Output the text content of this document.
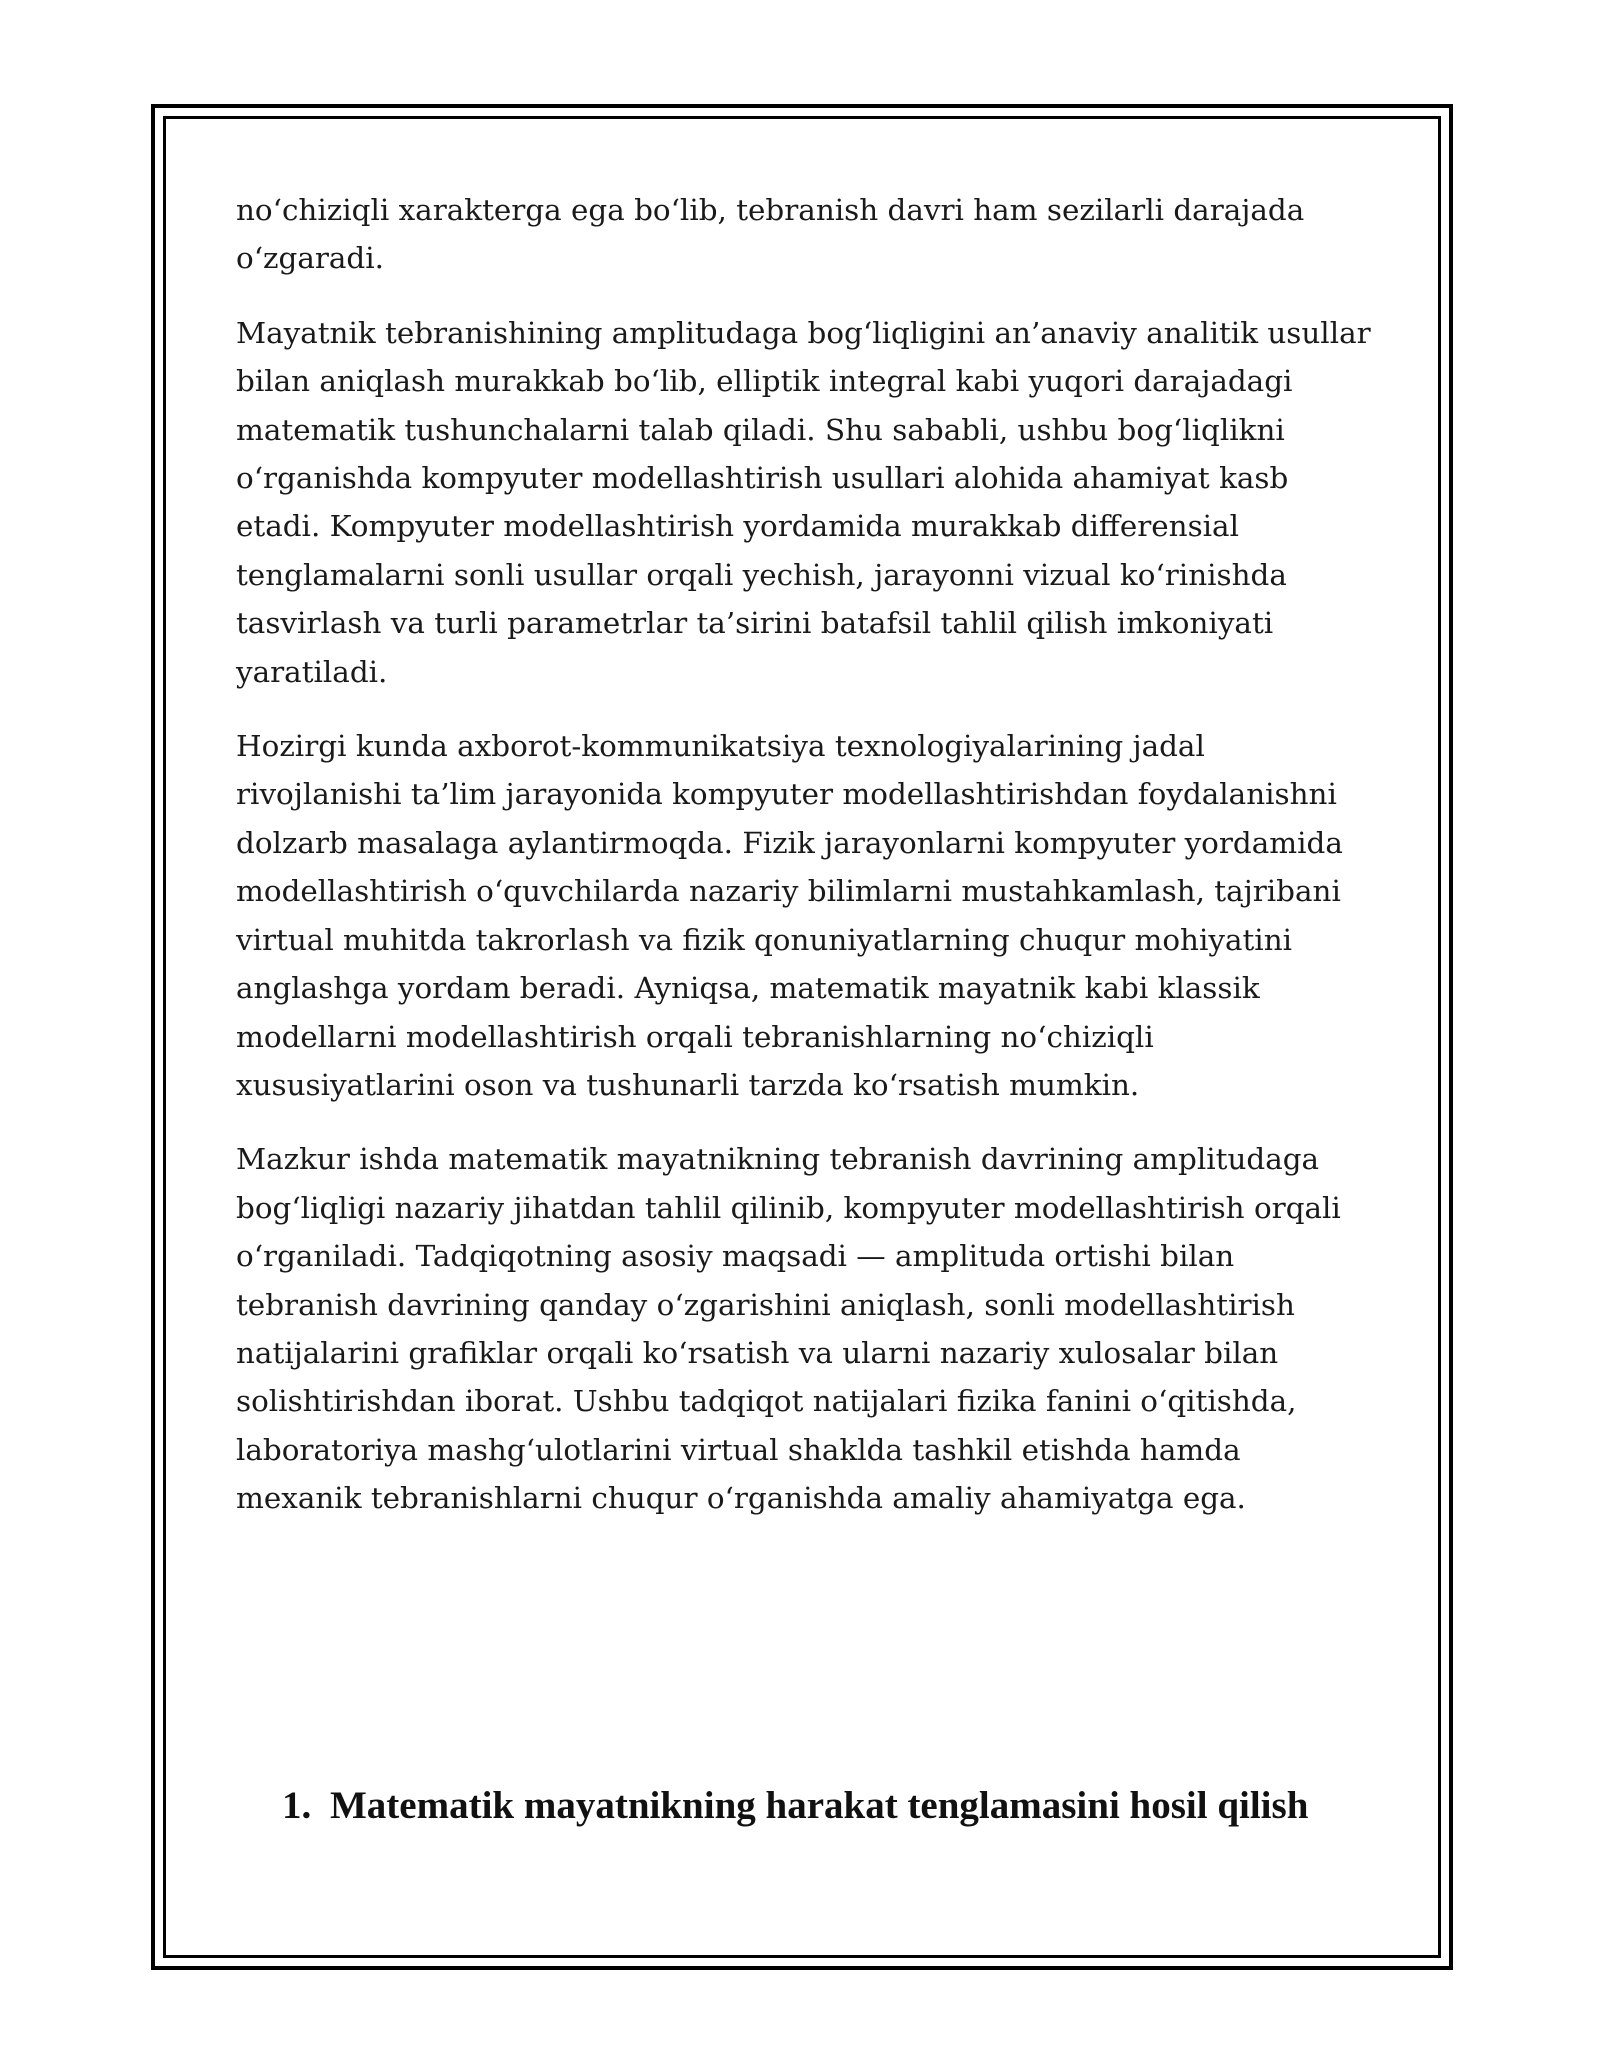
noʻchiziqli xarakterga ega boʻlib, tebranish davri ham sezilarli darajada oʻzgaradi.

Mayatnik tebranishining amplitudaga bogʻliqligini an’anaviy analitik usullar bilan aniqlash murakkab boʻlib, elliptik integral kabi yuqori darajadagi matematik tushunchalarni talab qiladi. Shu sababli, ushbu bogʻliqlikni oʻrganishda kompyuter modellashtirish usullari alohida ahamiyat kasb etadi. Kompyuter modellashtirish yordamida murakkab differensial tenglamalarni sonli usullar orqali yechish, jarayonni vizual koʻrinishda tasvirlash va turli parametrlar ta’sirini batafsil tahlil qilish imkoniyati yaratiladi.

Hozirgi kunda axborot-kommunikatsiya texnologiyalarining jadal rivojlanishi ta’lim jarayonida kompyuter modellashtirishdan foydalanishni dolzarb masalaga aylantirmoqda. Fizik jarayonlarni kompyuter yordamida modellashtirish oʻquvchilarda nazariy bilimlarni mustahkamlash, tajribani virtual muhitda takrorlash va fizik qonuniyatlarning chuqur mohiyatini anglashga yordam beradi. Ayniqsa, matematik mayatnik kabi klassik modellarni modellashtirish orqali tebranishlarning noʻchiziqli xususiyatlarini oson va tushunarli tarzda koʻrsatish mumkin.

Mazkur ishda matematik mayatnikning tebranish davrining amplitudaga bogʻliqligi nazariy jihatdan tahlil qilinib, kompyuter modellashtirish orqali oʻrganiladi. Tadqiqotning asosiy maqsadi — amplituda ortishi bilan tebranish davrining qanday oʻzgarishini aniqlash, sonli modellashtirish natijalarini grafiklar orqali koʻrsatish va ularni nazariy xulosalar bilan solishtirishdan iborat. Ushbu tadqiqot natijalari fizika fanini oʻqitishda, laboratoriya mashgʻulotlarini virtual shaklda tashkil etishda hamda mexanik tebranishlarni chuqur oʻrganishda amaliy ahamiyatga ega.

1. Matematik mayatnikning harakat tenglamasini hosil qilish
